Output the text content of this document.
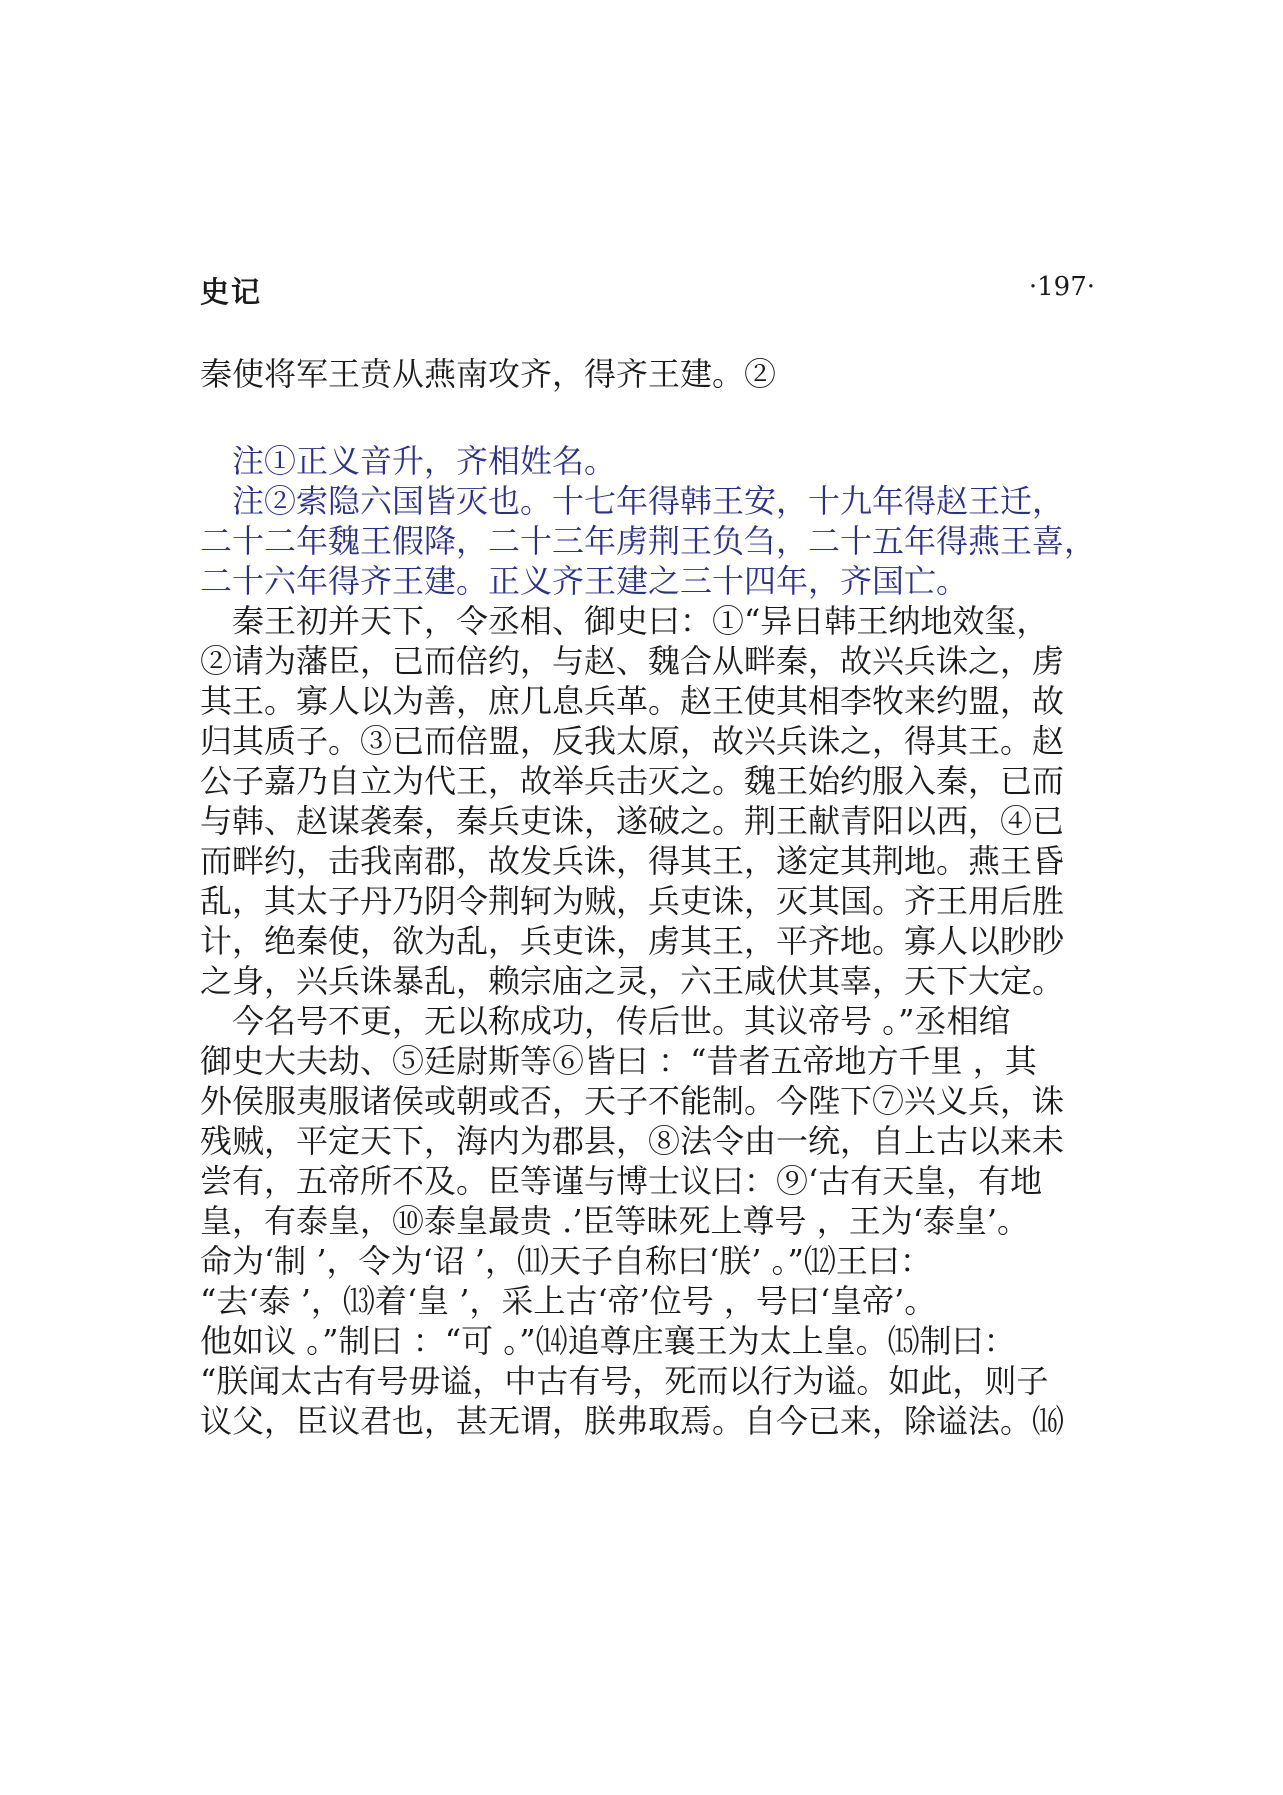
史记	·197·
秦使将军王贲从燕南攻齐，得齐王建。②
　注①正义音升，齐相姓名。
　注②索隐六国皆灭也。十七年得韩王安，十九年得赵王迁，
二十二年魏王假降，二十三年虏荆王负刍，二十五年得燕王喜，
二十六年得齐王建。正义齐王建之三十四年，齐国亡。
　秦王初并天下，令丞相、御史曰：①“异日韩王纳地效玺，
②请为藩臣，已而倍约，与赵、魏合从畔秦，故兴兵诛之，虏
其王。寡人以为善，庶几息兵革。赵王使其相李牧来约盟，故
归其质子。③已而倍盟，反我太原，故兴兵诛之，得其王。赵
公子嘉乃自立为代王，故举兵击灭之。魏王始约服入秦，已而
与韩、赵谋袭秦，秦兵吏诛，遂破之。荆王献青阳以西，④已
而畔约，击我南郡，故发兵诛，得其王，遂定其荆地。燕王昏
乱，其太子丹乃阴令荆轲为贼，兵吏诛，灭其国。齐王用后胜
计，绝秦使，欲为乱，兵吏诛，虏其王，平齐地。寡人以眇眇
之身，兴兵诛暴乱，赖宗庙之灵，六王咸伏其辜，天下大定。
　今名号不更，无以称成功，传后世。其议帝号 。”丞相绾
御史大夫劫、⑤廷尉斯等⑥皆曰 ：“昔者五帝地方千里 ，其
外侯服夷服诸侯或朝或否，天子不能制。今陛下⑦兴义兵，诛
残贼，平定天下，海内为郡县，⑧法令由一统，自上古以来未
尝有，五帝所不及。臣等谨与博士议曰：⑨‘古有天皇，有地
皇，有泰皇，⑩泰皇最贵 .’臣等昧死上尊号 ，王为‘泰皇’。
命为‘制 ’，令为‘诏 ’，⑾天子自称曰‘朕’ 。”⑿王曰：
“去‘泰 ’，⒀着‘皇 ’，采上古‘帝’位号 ，号曰‘皇帝’。
他如议 。”制曰 ：“可 。”⒁追尊庄襄王为太上皇。⒂制曰：
“朕闻太古有号毋谥，中古有号，死而以行为谥。如此，则子
议父，臣议君也，甚无谓，朕弗取焉。自今已来，除谥法。⒃
